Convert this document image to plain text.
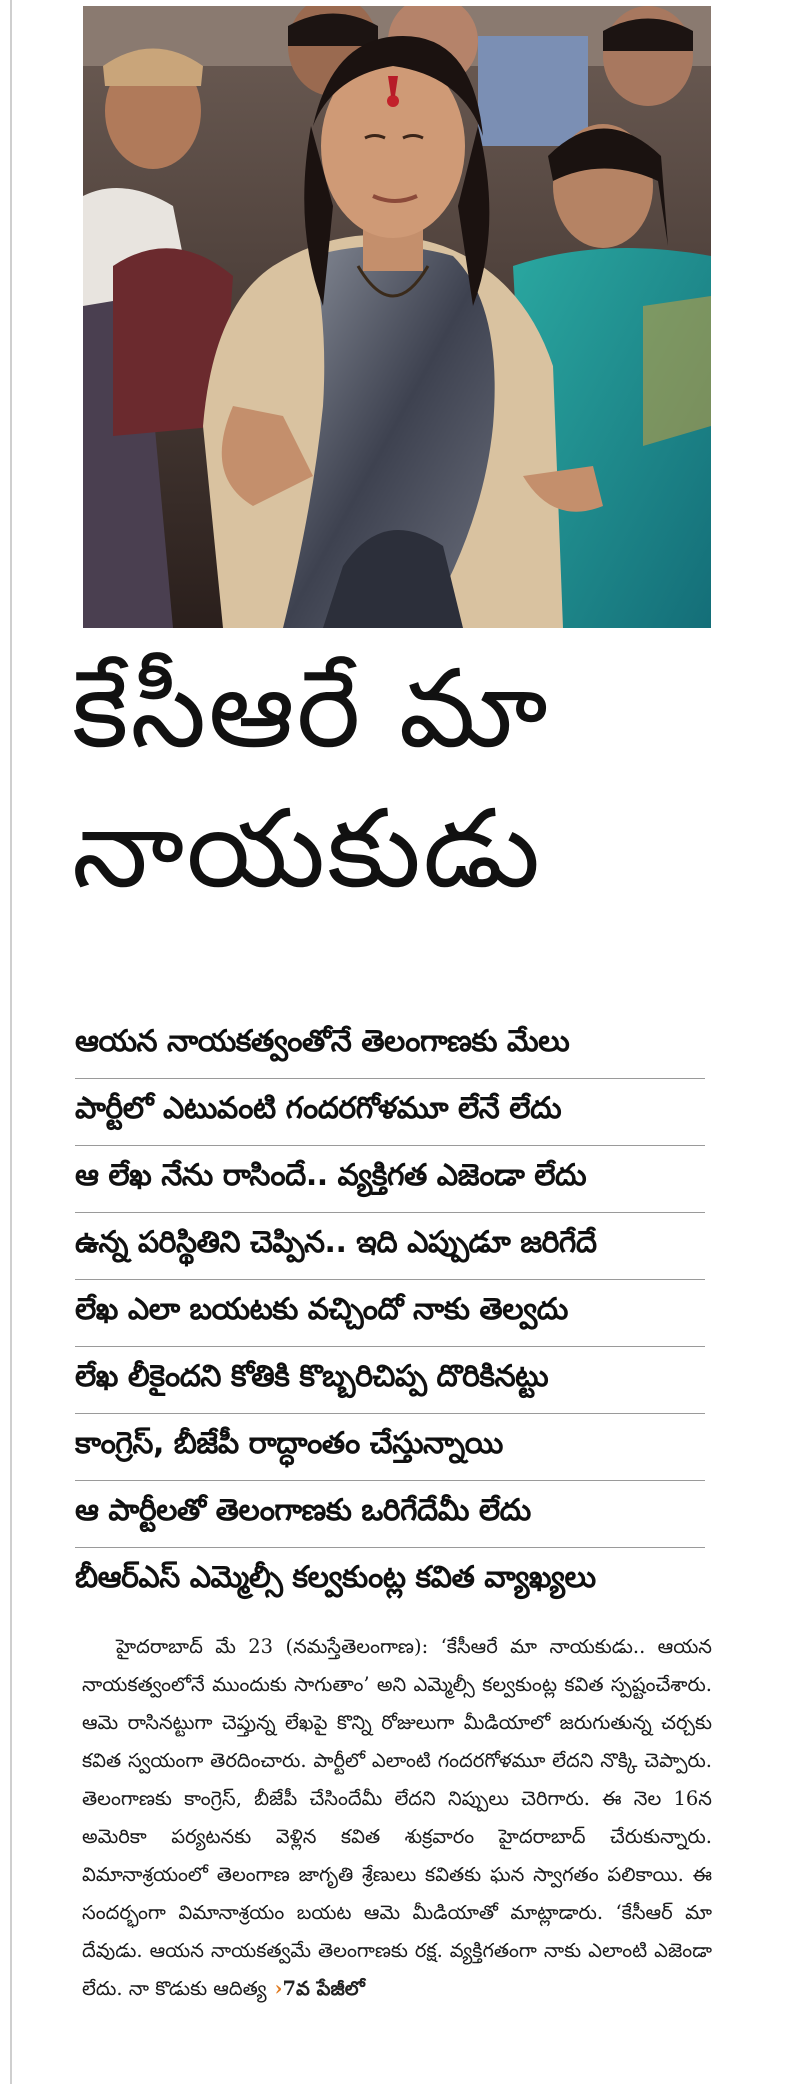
కేసీఆరే మా
నాయకుడు
ఆయన నాయకత్వంతోనే తెలంగాణకు మేలు
పార్టీలో ఎటువంటి గందరగోళమూ లేనే లేదు
ఆ లేఖ నేను రాసిందే.. వ్యక్తిగత ఎజెండా లేదు
ఉన్న పరిస్థితిని చెప్పిన.. ఇది ఎప్పుడూ జరిగేదే
లేఖ ఎలా బయటకు వచ్చిందో నాకు తెల్వదు
లేఖ లీకైందని కోతికి కొబ్బరిచిప్ప దొరికినట్టు
కాంగ్రెస్, బీజేపీ రాద్ధాంతం చేస్తున్నాయి
ఆ పార్టీలతో తెలంగాణకు ఒరిగేదేమీ లేదు
బీఆర్ఎస్ ఎమ్మెల్సీ కల్వకుంట్ల కవిత వ్యాఖ్యలు

హైదరాబాద్ మే 23 (నమస్తేతెలంగాణ): ‘కేసీఆరే మా నాయకుడు.. ఆయన నాయకత్వంలోనే ముందుకు సాగుతాం’ అని ఎమ్మెల్సీ కల్వకుంట్ల కవిత స్పష్టంచేశారు. ఆమె రాసినట్టుగా చెప్తున్న లేఖపై కొన్ని రోజులుగా మీడియాలో జరుగుతున్న చర్చకు కవిత స్వయంగా తెరదించారు. పార్టీలో ఎలాంటి గందరగోళమూ లేదని నొక్కి చెప్పారు. తెలంగాణకు కాంగ్రెస్, బీజేపీ చేసిందేమీ లేదని నిప్పులు చెరిగారు. ఈ నెల 16న అమెరికా పర్యటనకు వెళ్లిన కవిత శుక్రవారం హైదరాబాద్ చేరుకున్నారు. విమానాశ్రయంలో తెలంగాణ జాగృతి శ్రేణులు కవితకు ఘన స్వాగతం పలికాయి. ఈ సందర్భంగా విమానాశ్రయం బయట ఆమె మీడియాతో మాట్లాడారు. ‘కేసీఆర్ మా దేవుడు. ఆయన నాయకత్వమే తెలంగాణకు రక్ష. వ్యక్తిగతంగా నాకు ఎలాంటి ఎజెండా లేదు. నా కొడుకు ఆదిత్య ›7వ పేజీలో
